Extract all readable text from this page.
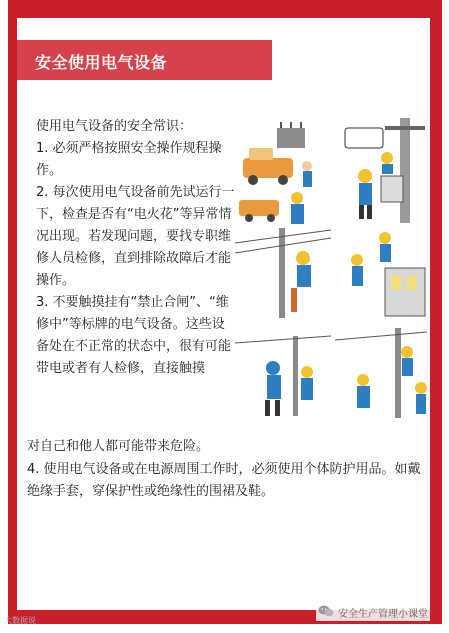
安全使用电气设备

使用电气设备的安全常识：

1. 必须严格按照安全操作规程操作。

2. 每次使用电气设备前先试运行一下，检查是否有“电火花”等异常情况出现。若发现问题，要找专职维修人员检修，直到排除故障后才能操作。

3. 不要触摸挂有“禁止合闸”、“维修中”等标牌的电气设备。这些设备处在不正常的状态中，很有可能带电或者有人检修，直接触摸

对自己和他人都可能带来危险。

4. 使用电气设备或在电源周围工作时，必须使用个体防护用品。如戴绝缘手套，穿保护性或绝缘性的围裙及鞋。

大数据说
安全生产管理小课堂
